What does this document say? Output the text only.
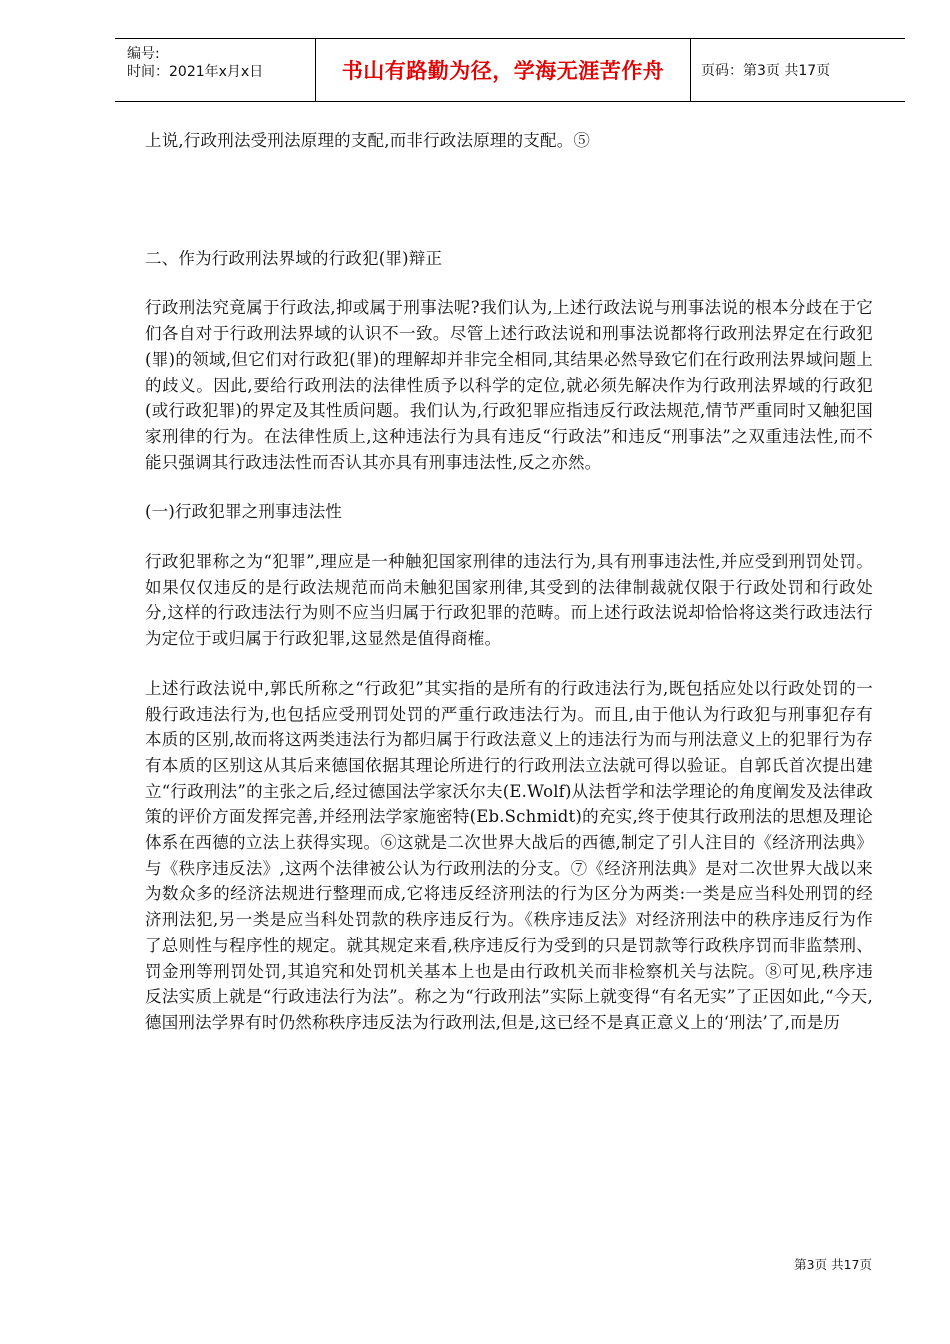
编号:
时间：2021年x月x日	书山有路勤为径，学海无涯苦作舟	页码：第3页 共17页

上说,行政刑法受刑法原理的支配,而非行政法原理的支配。⑤

二、作为行政刑法界域的行政犯(罪)辩正

行政刑法究竟属于行政法,抑或属于刑事法呢?我们认为,上述行政法说与刑事法说的根本分歧在于它们各自对于行政刑法界域的认识不一致。尽管上述行政法说和刑事法说都将行政刑法界定在行政犯(罪)的领域,但它们对行政犯(罪)的理解却并非完全相同,其结果必然导致它们在行政刑法界域问题上的歧义。因此,要给行政刑法的法律性质予以科学的定位,就必须先解决作为行政刑法界域的行政犯(或行政犯罪)的界定及其性质问题。我们认为,行政犯罪应指违反行政法规范,情节严重同时又触犯国家刑律的行为。在法律性质上,这种违法行为具有违反“行政法”和违反“刑事法”之双重违法性,而不能只强调其行政违法性而否认其亦具有刑事违法性,反之亦然。

(一)行政犯罪之刑事违法性

行政犯罪称之为“犯罪”,理应是一种触犯国家刑律的违法行为,具有刑事违法性,并应受到刑罚处罚。如果仅仅违反的是行政法规范而尚未触犯国家刑律,其受到的法律制裁就仅限于行政处罚和行政处分,这样的行政违法行为则不应当归属于行政犯罪的范畴。而上述行政法说却恰恰将这类行政违法行为定位于或归属于行政犯罪,这显然是值得商榷。

上述行政法说中,郭氏所称之“行政犯”其实指的是所有的行政违法行为,既包括应处以行政处罚的一般行政违法行为,也包括应受刑罚处罚的严重行政违法行为。而且,由于他认为行政犯与刑事犯存有本质的区别,故而将这两类违法行为都归属于行政法意义上的违法行为而与刑法意义上的犯罪行为存有本质的区别这从其后来德国依据其理论所进行的行政刑法立法就可得以验证。自郭氏首次提出建立“行政刑法”的主张之后,经过德国法学家沃尔夫(E.Wolf)从法哲学和法学理论的角度阐发及法律政策的评价方面发挥完善,并经刑法学家施密特(Eb.Schmidt)的充实,终于使其行政刑法的思想及理论体系在西德的立法上获得实现。⑥这就是二次世界大战后的西德,制定了引人注目的《经济刑法典》与《秩序违反法》,这两个法律被公认为行政刑法的分支。⑦《经济刑法典》是对二次世界大战以来为数众多的经济法规进行整理而成,它将违反经济刑法的行为区分为两类:一类是应当科处刑罚的经济刑法犯,另一类是应当科处罚款的秩序违反行为。《秩序违反法》对经济刑法中的秩序违反行为作了总则性与程序性的规定。就其规定来看,秩序违反行为受到的只是罚款等行政秩序罚而非监禁刑、罚金刑等刑罚处罚,其追究和处罚机关基本上也是由行政机关而非检察机关与法院。⑧可见,秩序违反法实质上就是“行政违法行为法”。称之为“行政刑法”实际上就变得“有名无实”了正因如此,“今天,德国刑法学界有时仍然称秩序违反法为行政刑法,但是,这已经不是真正意义上的‘刑法’了,而是历

第3页 共17页
